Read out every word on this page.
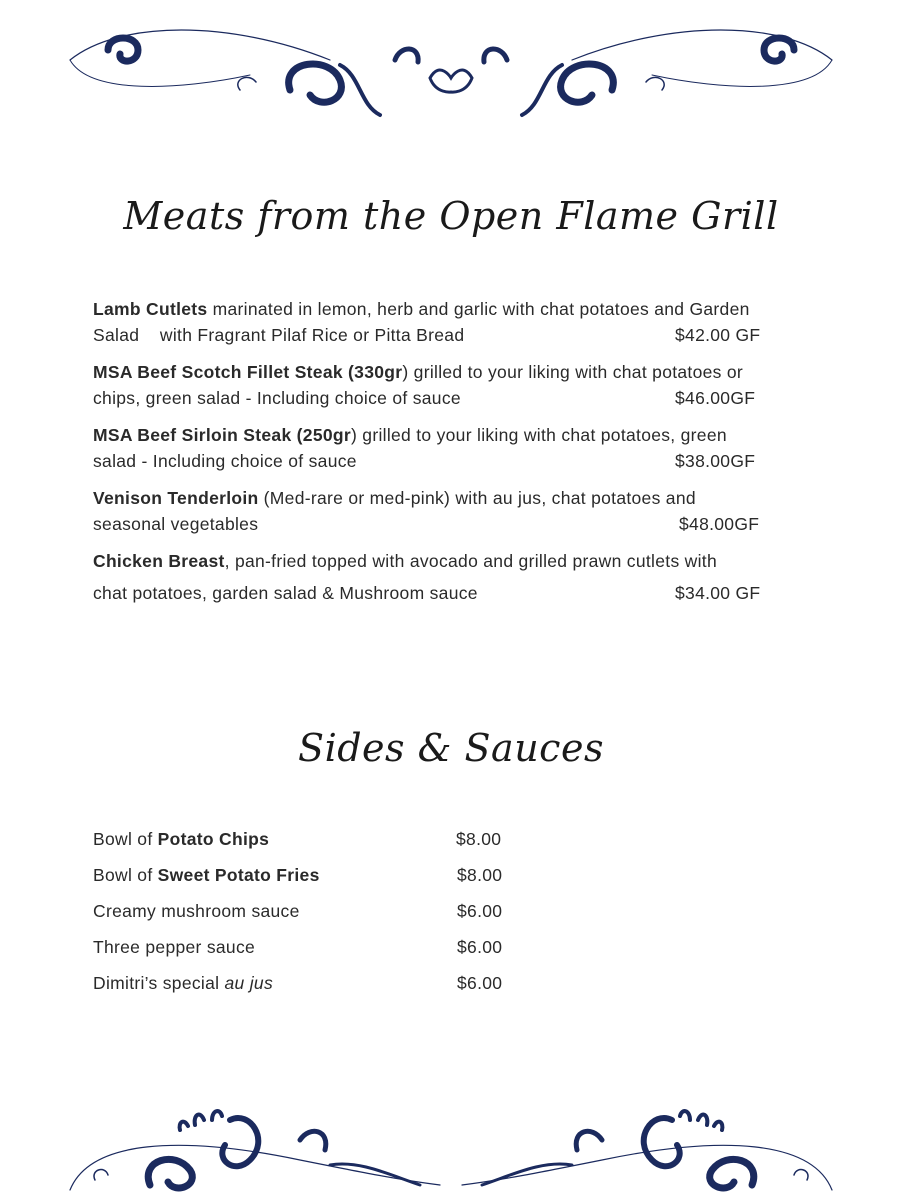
Meats from the Open Flame Grill
Lamb Cutlets marinated in lemon, herb and garlic with chat potatoes and Garden
Salad    with Fragrant Pilaf Rice or Pitta Bread	$42.00 GF
MSA Beef Scotch Fillet Steak (330gr) grilled to your liking with chat potatoes or
chips, green salad - Including choice of sauce	$46.00GF
MSA Beef Sirloin Steak (250gr) grilled to your liking with chat potatoes, green
salad - Including choice of sauce	$38.00GF
Venison Tenderloin (Med-rare or med-pink) with au jus, chat potatoes and
seasonal vegetables	$48.00GF
Chicken Breast, pan-fried topped with avocado and grilled prawn cutlets with
chat potatoes, garden salad & Mushroom sauce	$34.00 GF
Sides & Sauces
Bowl of Potato Chips	$8.00
Bowl of Sweet Potato Fries	$8.00
Creamy mushroom sauce	$6.00
Three pepper sauce	$6.00
Dimitri’s special au jus	$6.00
